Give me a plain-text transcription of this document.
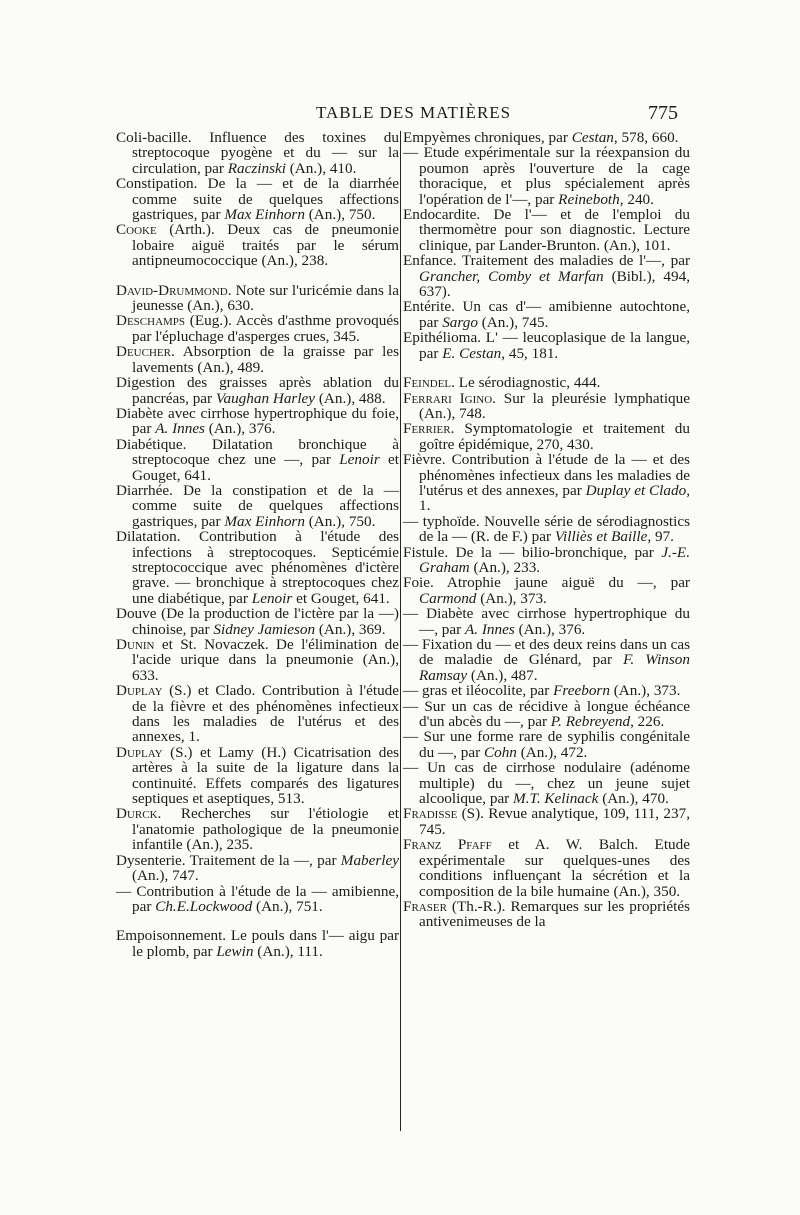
TABLE DES MATIÈRES	775

Coli-bacille. Influence des toxines du streptocoque pyogène et du — sur la circulation, par Raczinski (An.), 410.

Constipation. De la — et de la diarrhée comme suite de quelques affections gastriques, par Max Einhorn (An.), 750.

Cooke (Arth.). Deux cas de pneumonie lobaire aiguë traités par le sérum antipneumococcique (An.), 238.

David-Drummond. Note sur l'uricémie dans la jeunesse (An.), 630.

Deschamps (Eug.). Accès d'asthme provoqués par l'épluchage d'asperges crues, 345.

Deucher. Absorption de la graisse par les lavements (An.), 489.

Digestion des graisses après ablation du pancréas, par Vaughan Harley (An.), 488.

Diabète avec cirrhose hypertrophique du foie, par A. Innes (An.), 376.

Diabétique. Dilatation bronchique à streptocoque chez une —, par Lenoir et Gouget, 641.

Diarrhée. De la constipation et de la — comme suite de quelques affections gastriques, par Max Einhorn (An.), 750.

Dilatation. Contribution à l'étude des infections à streptocoques. Septicémie streptococcique avec phénomènes d'ictère grave. — bronchique à streptocoques chez une diabétique, par Lenoir et Gouget, 641.

Douve (De la production de l'ictère par la —) chinoise, par Sidney Jamieson (An.), 369.

Dunin et St. Novaczek. De l'élimination de l'acide urique dans la pneumonie (An.), 633.

Duplay (S.) et Clado. Contribution à l'étude de la fièvre et des phénomènes infectieux dans les maladies de l'utérus et des annexes, 1.

Duplay (S.) et Lamy (H.) Cicatrisation des artères à la suite de la ligature dans la continuité. Effets comparés des ligatures septiques et aseptiques, 513.

Durck. Recherches sur l'étiologie et l'anatomie pathologique de la pneumonie infantile (An.), 235.

Dysenterie. Traitement de la —, par Maberley (An.), 747.

— Contribution à l'étude de la — amibienne, par Ch.E.Lockwood (An.), 751.

Empoisonnement. Le pouls dans l'— aigu par le plomb, par Lewin (An.), 111.

Empyèmes chroniques, par Cestan, 578, 660.

— Etude expérimentale sur la réexpansion du poumon après l'ouverture de la cage thoracique, et plus spécialement après l'opération de l'—, par Reineboth, 240.

Endocardite. De l'— et de l'emploi du thermomètre pour son diagnostic. Lecture clinique, par Lander-Brunton. (An.), 101.

Enfance. Traitement des maladies de l'—, par Grancher, Comby et Marfan (Bibl.), 494, 637).

Entérite. Un cas d'— amibienne autochtone, par Sargo (An.), 745.

Epithélioma. L' — leucoplasique de la langue, par E. Cestan, 45, 181.

Feindel. Le sérodiagnostic, 444.

Ferrari Igino. Sur la pleurésie lymphatique (An.), 748.

Ferrier. Symptomatologie et traitement du goître épidémique, 270, 430.

Fièvre. Contribution à l'étude de la — et des phénomènes infectieux dans les maladies de l'utérus et des annexes, par Duplay et Clado, 1.

— typhoïde. Nouvelle série de sérodiagnostics de la — (R. de F.) par Villiès et Baille, 97.

Fistule. De la — bilio-bronchique, par J.-E. Graham (An.), 233.

Foie. Atrophie jaune aiguë du —, par Carmond (An.), 373.

— Diabète avec cirrhose hypertrophique du —, par A. Innes (An.), 376.

— Fixation du — et des deux reins dans un cas de maladie de Glénard, par F. Winson Ramsay (An.), 487.

— gras et iléocolite, par Freeborn (An.), 373.

— Sur un cas de récidive à longue échéance d'un abcès du —, par P. Rebreyend, 226.

— Sur une forme rare de syphilis congénitale du —, par Cohn (An.), 472.

— Un cas de cirrhose nodulaire (adénome multiple) du —, chez un jeune sujet alcoolique, par M.T. Kelinack (An.), 470.

Fradisse (S). Revue analytique, 109, 111, 237, 745.

Franz Pfaff et A. W. Balch. Etude expérimentale sur quelques-unes des conditions influençant la sécrétion et la composition de la bile humaine (An.), 350.

Fraser (Th.-R.). Remarques sur les propriétés antivenimeuses de la
